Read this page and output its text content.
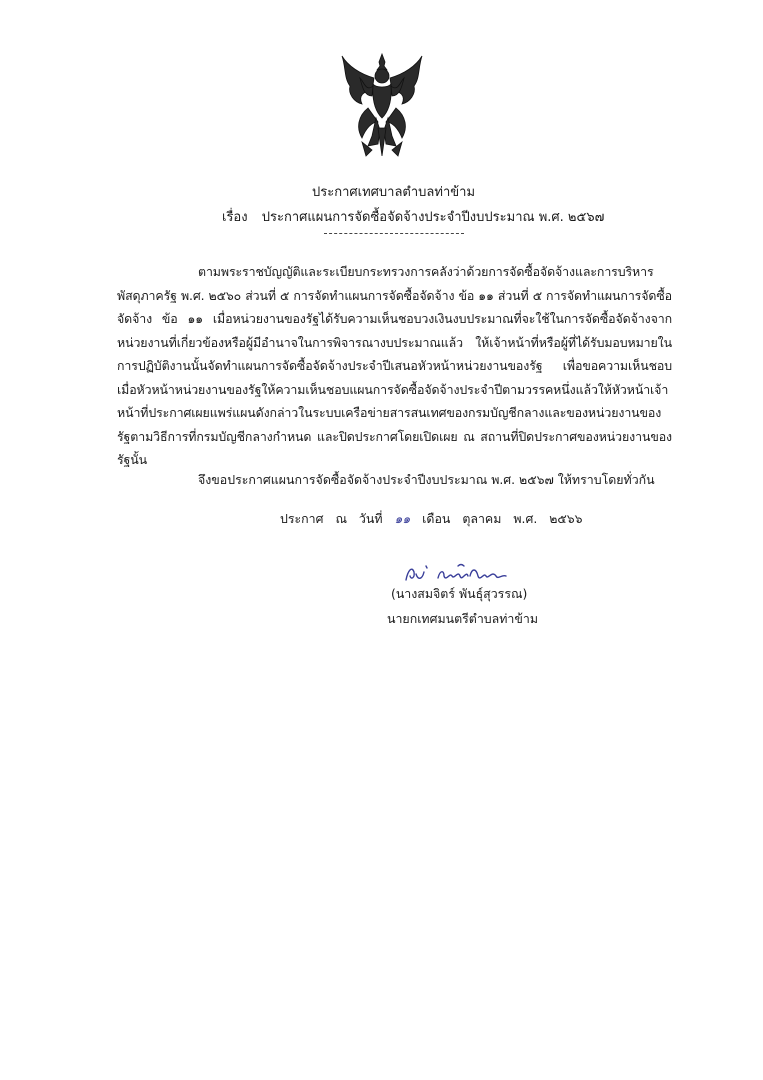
ประกาศเทศบาลตำบลท่าข้าม
เรื่อง ประกาศแผนการจัดซื้อจัดจ้างประจำปีงบประมาณ พ.ศ. ๒๕๖๗
ตามพระราชบัญญัติและระเบียบกระทรวงการคลังว่าด้วยการจัดซื้อจัดจ้างและการบริหารพัสดุภาครัฐ พ.ศ. ๒๕๖๐ ส่วนที่ ๕ การจัดทำแผนการจัดซื้อจัดจ้าง ข้อ ๑๑ ส่วนที่ ๕ การจัดทำแผนการจัดซื้อจัดจ้าง ข้อ ๑๑ เมื่อหน่วยงานของรัฐได้รับความเห็นชอบวงเงินงบประมาณที่จะใช้ในการจัดซื้อจัดจ้างจากหน่วยงานที่เกี่ยวข้องหรือผู้มีอำนาจในการพิจารณางบประมาณแล้ว ให้เจ้าหน้าที่หรือผู้ที่ได้รับมอบหมายในการปฏิบัติงานนั้นจัดทำแผนการจัดซื้อจัดจ้างประจำปีเสนอหัวหน้าหน่วยงานของรัฐ เพื่อขอความเห็นชอบ เมื่อหัวหน้าหน่วยงานของรัฐให้ความเห็นชอบแผนการจัดซื้อจัดจ้างประจำปีตามวรรคหนึ่งแล้วให้หัวหน้าเจ้าหน้าที่ประกาศเผยแพร่แผนดังกล่าวในระบบเครือข่ายสารสนเทศของกรมบัญชีกลางและของหน่วยงานของรัฐตามวิธีการที่กรมบัญชีกลางกำหนด และปิดประกาศโดยเปิดเผย ณ สถานที่ปิดประกาศของหน่วยงานของรัฐนั้น
จึงขอประกาศแผนการจัดซื้อจัดจ้างประจำปีงบประมาณ พ.ศ. ๒๕๖๗ ให้ทราบโดยทั่วกัน
ประกาศ ณ วันที่ ๑๑ เดือน ตุลาคม พ.ศ. ๒๕๖๖
(นางสมจิตร์ พันธุ์สุวรรณ)
นายกเทศมนตรีตำบลท่าข้าม
